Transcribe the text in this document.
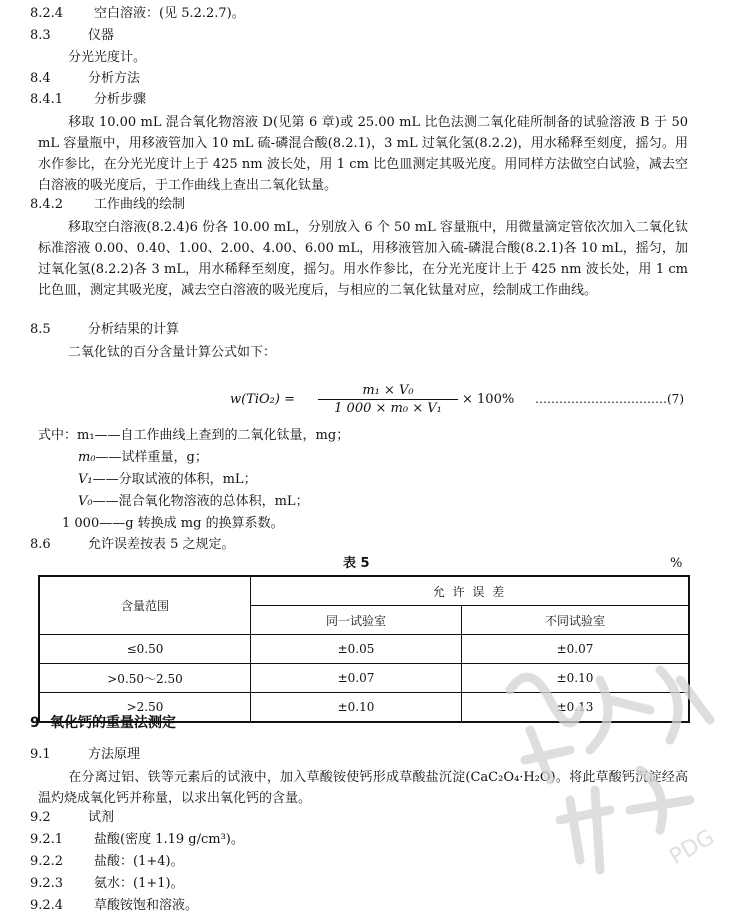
8.2.4 空白溶液：(见 5.2.2.7)。
8.3	仪器
分光光度计。
8.4	分析方法
8.4.1 分析步骤
移取 10.00 mL 混合氧化物溶液 D(见第 6 章)或 25.00 mL 比色法测二氧化硅所制备的试验溶液 B 于 50 mL 容量瓶中，用移液管加入 10 mL 硫-磷混合酸(8.2.1)，3 mL 过氧化氢(8.2.2)，用水稀释至刻度，摇匀。用水作参比，在分光光度计上于 425 nm 波长处，用 1 cm 比色皿测定其吸光度。用同样方法做空白试验，减去空白溶液的吸光度后，于工作曲线上查出二氧化钛量。
8.4.2 工作曲线的绘制
移取空白溶液(8.2.4)6 份各 10.00 mL，分别放入 6 个 50 mL 容量瓶中，用微量滴定管依次加入二氧化钛标准溶液 0.00、0.40、1.00、2.00、4.00、6.00 mL，用移液管加入硫-磷混合酸(8.2.1)各 10 mL，摇匀，加过氧化氢(8.2.2)各 3 mL，用水稀释至刻度，摇匀。用水作参比，在分光光度计上于 425 nm 波长处，用 1 cm 比色皿，测定其吸光度，减去空白溶液的吸光度后，与相应的二氧化钛量对应，绘制成工作曲线。
8.5	分析结果的计算
二氧化钛的百分含量计算公式如下：
$w(TiO_2) = \frac{\text{m₁ × V₀}}{\text{1 000 × m₀ × V₁}} \times 100\%$ ……………………………(7)
式中：m₁——自工作曲线上查到的二氧化钛量，mg；
m₀——试样重量，g；
V₁——分取试液的体积，mL；
V₀——混合氧化物溶液的总体积，mL；
1 000——g 转换成 mg 的换算系数。
8.6	允许误差按表 5 之规定。
表 5	%
含量范围	允 许 误 差	
	同一试验室	不同试验室
≤0.50	±0.05	±0.07
>0.50～2.50	±0.07	±0.10
>2.50	±0.10	±0.13
9 氧化钙的重量法测定
9.1	方法原理
在分离过铝、铁等元素后的试液中，加入草酸铵使钙形成草酸盐沉淀(CaC₂O₄·H₂O)。将此草酸钙沉淀经高温灼烧成氧化钙并称量，以求出氧化钙的含量。
9.2	试剂
9.2.1 盐酸(密度 1.19 g/cm³)。
9.2.2 盐酸：(1+4)。
9.2.3 氨水：(1+1)。
9.2.4 草酸铵饱和溶液。
PDG
